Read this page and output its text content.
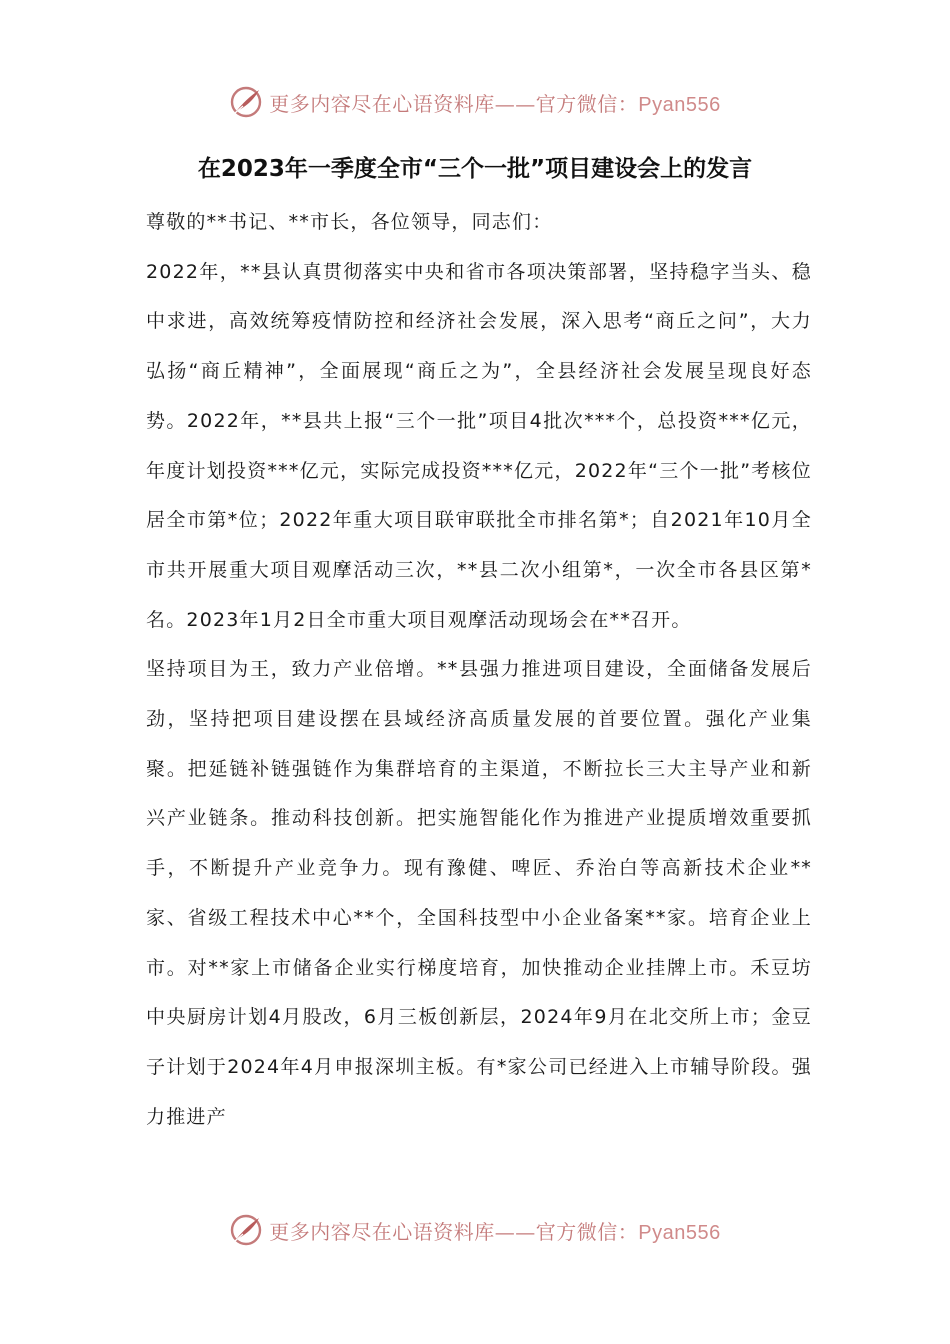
更多内容尽在心语资料库——官方微信：Pyan556
在2023年一季度全市“三个一批”项目建设会上的发言

尊敬的**书记、**市长，各位领导，同志们：

2022年，**县认真贯彻落实中央和省市各项决策部署，坚持稳字当头、稳中求进，高效统筹疫情防控和经济社会发展，深入思考“商丘之问”，大力弘扬“商丘精神”，全面展现“商丘之为”，全县经济社会发展呈现良好态势。2022年，**县共上报“三个一批”项目4批次***个，总投资***亿元，年度计划投资***亿元，实际完成投资***亿元，2022年“三个一批”考核位居全市第*位；2022年重大项目联审联批全市排名第*；自2021年10月全市共开展重大项目观摩活动三次，**县二次小组第*，一次全市各县区第*名。2023年1月2日全市重大项目观摩活动现场会在**召开。

坚持项目为王，致力产业倍增。**县强力推进项目建设，全面储备发展后劲，坚持把项目建设摆在县域经济高质量发展的首要位置。强化产业集聚。把延链补链强链作为集群培育的主渠道，不断拉长三大主导产业和新兴产业链条。推动科技创新。把实施智能化作为推进产业提质增效重要抓手，不断提升产业竞争力。现有豫健、啤匠、乔治白等高新技术企业**家、省级工程技术中心**个，全国科技型中小企业备案**家。培育企业上市。对**家上市储备企业实行梯度培育，加快推动企业挂牌上市。禾豆坊中央厨房计划4月股改，6月三板创新层，2024年9月在北交所上市；金豆子计划于2024年4月申报深圳主板。有*家公司已经进入上市辅导阶段。强力推进产

更多内容尽在心语资料库——官方微信：Pyan556
